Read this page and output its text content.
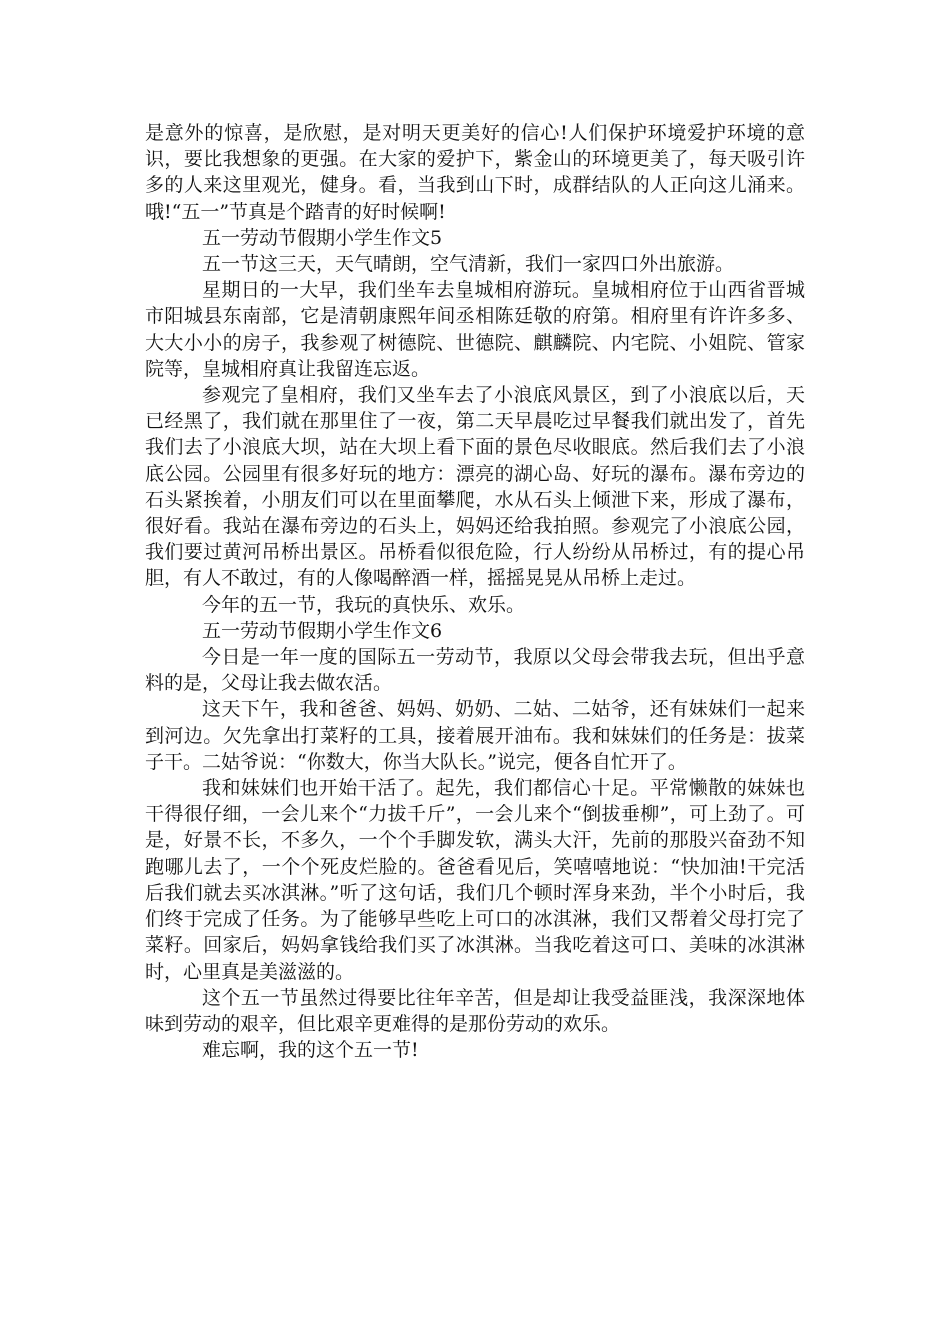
是意外的惊喜，是欣慰，是对明天更美好的信心!人们保护环境爱护环境的意识，要比我想象的更强。在大家的爱护下，紫金山的环境更美了，每天吸引许多的人来这里观光，健身。看，当我到山下时，成群结队的人正向这儿涌来。哦!“五一”节真是个踏青的好时候啊!

五一劳动节假期小学生作文5

五一节这三天，天气晴朗，空气清新，我们一家四口外出旅游。

星期日的一大早，我们坐车去皇城相府游玩。皇城相府位于山西省晋城市阳城县东南部，它是清朝康熙年间丞相陈廷敬的府第。相府里有许许多多、大大小小的房子，我参观了树德院、世德院、麒麟院、内宅院、小姐院、管家院等，皇城相府真让我留连忘返。

参观完了皇相府，我们又坐车去了小浪底风景区，到了小浪底以后，天已经黑了，我们就在那里住了一夜，第二天早晨吃过早餐我们就出发了，首先我们去了小浪底大坝，站在大坝上看下面的景色尽收眼底。然后我们去了小浪底公园。公园里有很多好玩的地方：漂亮的湖心岛、好玩的瀑布。瀑布旁边的石头紧挨着，小朋友们可以在里面攀爬，水从石头上倾泄下来，形成了瀑布，很好看。我站在瀑布旁边的石头上，妈妈还给我拍照。参观完了小浪底公园，我们要过黄河吊桥出景区。吊桥看似很危险，行人纷纷从吊桥过，有的提心吊胆，有人不敢过，有的人像喝醉酒一样，摇摇晃晃从吊桥上走过。

今年的五一节，我玩的真快乐、欢乐。

五一劳动节假期小学生作文6

今日是一年一度的国际五一劳动节，我原以父母会带我去玩，但出乎意料的是，父母让我去做农活。

这天下午，我和爸爸、妈妈、奶奶、二姑、二姑爷，还有妹妹们一起来到河边。欠先拿出打菜籽的工具，接着展开油布。我和妹妹们的任务是：拔菜子干。二姑爷说：“你数大，你当大队长。”说完，便各自忙开了。

我和妹妹们也开始干活了。起先，我们都信心十足。平常懒散的妹妹也干得很仔细，一会儿来个“力拔千斤”，一会儿来个“倒拔垂柳”，可上劲了。可是，好景不长，不多久，一个个手脚发软，满头大汗，先前的那股兴奋劲不知跑哪儿去了，一个个死皮烂脸的。爸爸看见后，笑嘻嘻地说：“快加油!干完活后我们就去买冰淇淋。”听了这句话，我们几个顿时浑身来劲，半个小时后，我们终于完成了任务。为了能够早些吃上可口的冰淇淋，我们又帮着父母打完了菜籽。回家后，妈妈拿钱给我们买了冰淇淋。当我吃着这可口、美味的冰淇淋时，心里真是美滋滋的。

这个五一节虽然过得要比往年辛苦，但是却让我受益匪浅，我深深地体味到劳动的艰辛，但比艰辛更难得的是那份劳动的欢乐。

难忘啊，我的这个五一节!
